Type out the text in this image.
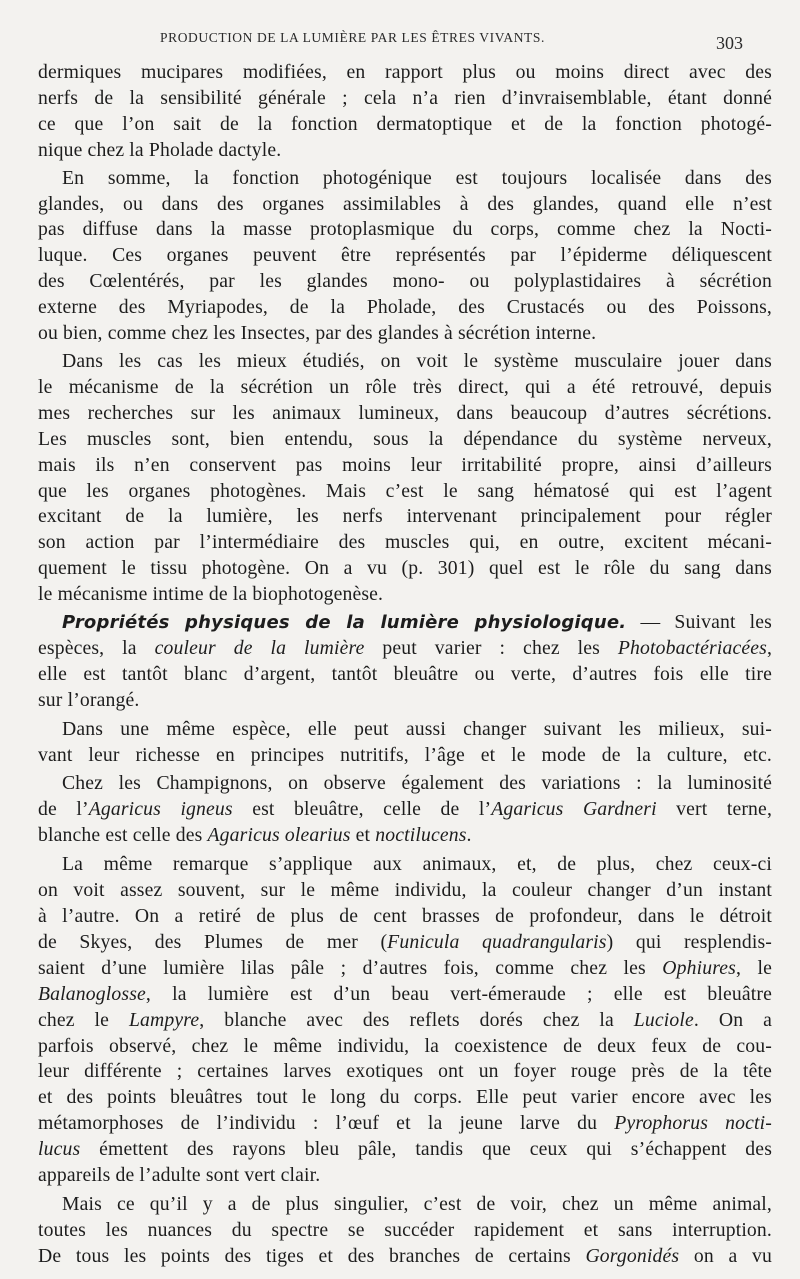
PRODUCTION DE LA LUMIÈRE PAR LES ÊTRES VIVANTS.	303

dermiques mucipares modifiées, en rapport plus ou moins direct avec des
nerfs de la sensibilité générale ; cela n’a rien d’invraisemblable, étant donné
ce que l’on sait de la fonction dermatoptique et de la fonction photogé-
nique chez la Pholade dactyle.

En somme, la fonction photogénique est toujours localisée dans des
glandes, ou dans des organes assimilables à des glandes, quand elle n’est
pas diffuse dans la masse protoplasmique du corps, comme chez la Nocti-
luque. Ces organes peuvent être représentés par l’épiderme déliquescent
des Cœlentérés, par les glandes mono- ou polyplastidaires à sécrétion
externe des Myriapodes, de la Pholade, des Crustacés ou des Poissons,
ou bien, comme chez les Insectes, par des glandes à sécrétion interne.

Dans les cas les mieux étudiés, on voit le système musculaire jouer dans
le mécanisme de la sécrétion un rôle très direct, qui a été retrouvé, depuis
mes recherches sur les animaux lumineux, dans beaucoup d’autres sécrétions.
Les muscles sont, bien entendu, sous la dépendance du système nerveux,
mais ils n’en conservent pas moins leur irritabilité propre, ainsi d’ailleurs
que les organes photogènes. Mais c’est le sang hématosé qui est l’agent
excitant de la lumière, les nerfs intervenant principalement pour régler
son action par l’intermédiaire des muscles qui, en outre, excitent mécani-
quement le tissu photogène. On a vu (p. 301) quel est le rôle du sang dans
le mécanisme intime de la biophotogenèse.

Propriétés physiques de la lumière physiologique. — Suivant les
espèces, la couleur de la lumière peut varier : chez les Photobactériacées,
elle est tantôt blanc d’argent, tantôt bleuâtre ou verte, d’autres fois elle tire
sur l’orangé.

Dans une même espèce, elle peut aussi changer suivant les milieux, sui-
vant leur richesse en principes nutritifs, l’âge et le mode de la culture, etc.

Chez les Champignons, on observe également des variations : la luminosité
de l’Agaricus igneus est bleuâtre, celle de l’Agaricus Gardneri vert terne,
blanche est celle des Agaricus olearius et noctilucens.

La même remarque s’applique aux animaux, et, de plus, chez ceux-ci
on voit assez souvent, sur le même individu, la couleur changer d’un instant
à l’autre. On a retiré de plus de cent brasses de profondeur, dans le détroit
de Skyes, des Plumes de mer (Funicula quadrangularis) qui resplendis-
saient d’une lumière lilas pâle ; d’autres fois, comme chez les Ophiures, le
Balanoglosse, la lumière est d’un beau vert-émeraude ; elle est bleuâtre
chez le Lampyre, blanche avec des reflets dorés chez la Luciole. On a
parfois observé, chez le même individu, la coexistence de deux feux de cou-
leur différente ; certaines larves exotiques ont un foyer rouge près de la tête
et des points bleuâtres tout le long du corps. Elle peut varier encore avec les
métamorphoses de l’individu : l’œuf et la jeune larve du Pyrophorus nocti-
lucus émettent des rayons bleu pâle, tandis que ceux qui s’échappent des
appareils de l’adulte sont vert clair.

Mais ce qu’il y a de plus singulier, c’est de voir, chez un même animal,
toutes les nuances du spectre se succéder rapidement et sans interruption.
De tous les points des tiges et des branches de certains Gorgonidés on a vu
